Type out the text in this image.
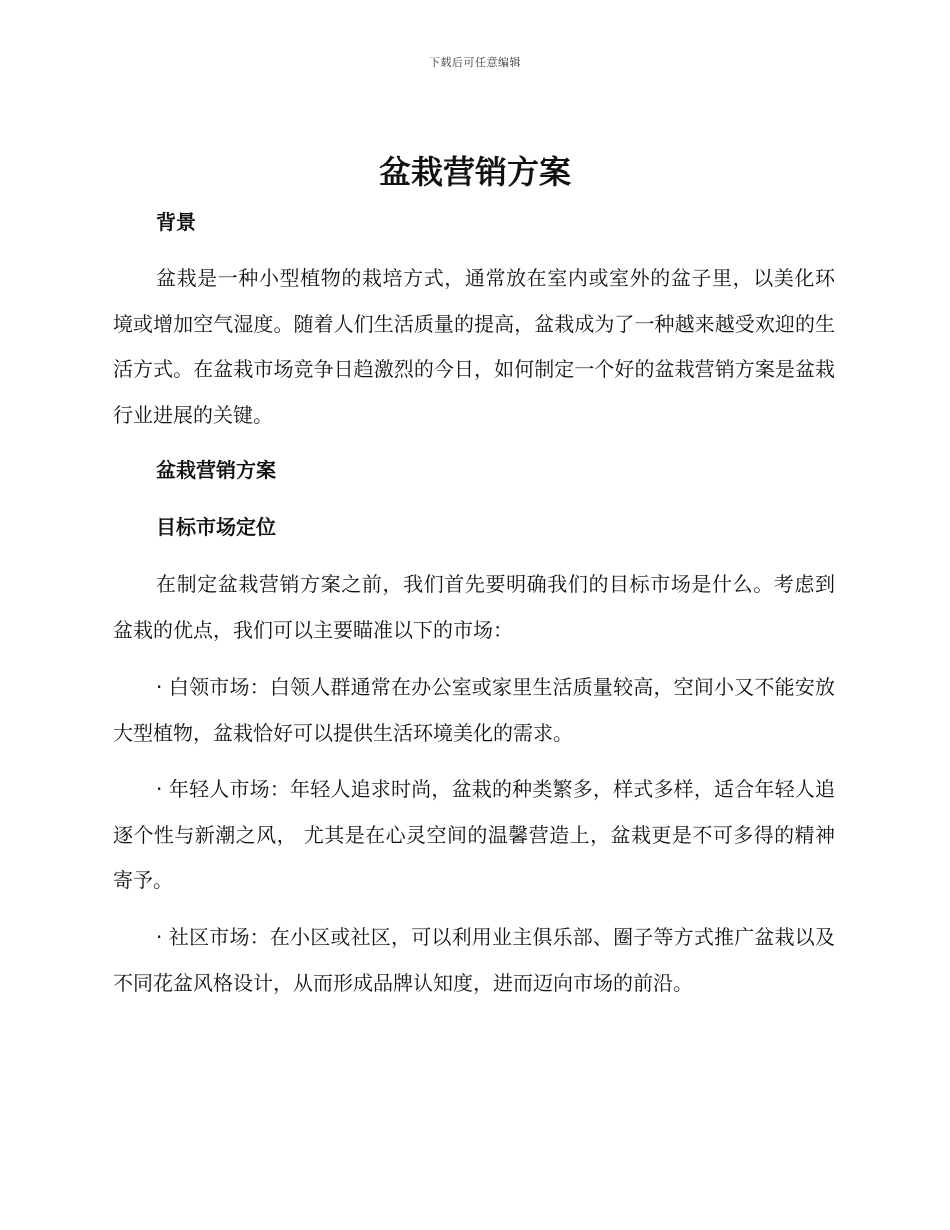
下载后可任意编辑
盆栽营销方案
背景

盆栽是一种小型植物的栽培方式，通常放在室内或室外的盆子里，以美化环境或增加空气湿度。随着人们生活质量的提高，盆栽成为了一种越来越受欢迎的生活方式。在盆栽市场竞争日趋激烈的今日，如何制定一个好的盆栽营销方案是盆栽行业进展的关键。

盆栽营销方案
目标市场定位

在制定盆栽营销方案之前，我们首先要明确我们的目标市场是什么。考虑到盆栽的优点，我们可以主要瞄准以下的市场：

· 白领市场：白领人群通常在办公室或家里生活质量较高，空间小又不能安放大型植物，盆栽恰好可以提供生活环境美化的需求。

· 年轻人市场：年轻人追求时尚，盆栽的种类繁多，样式多样，适合年轻人追逐个性与新潮之风， 尤其是在心灵空间的温馨营造上，盆栽更是不可多得的精神寄予。

· 社区市场：在小区或社区，可以利用业主俱乐部、圈子等方式推广盆栽以及不同花盆风格设计，从而形成品牌认知度，进而迈向市场的前沿。
